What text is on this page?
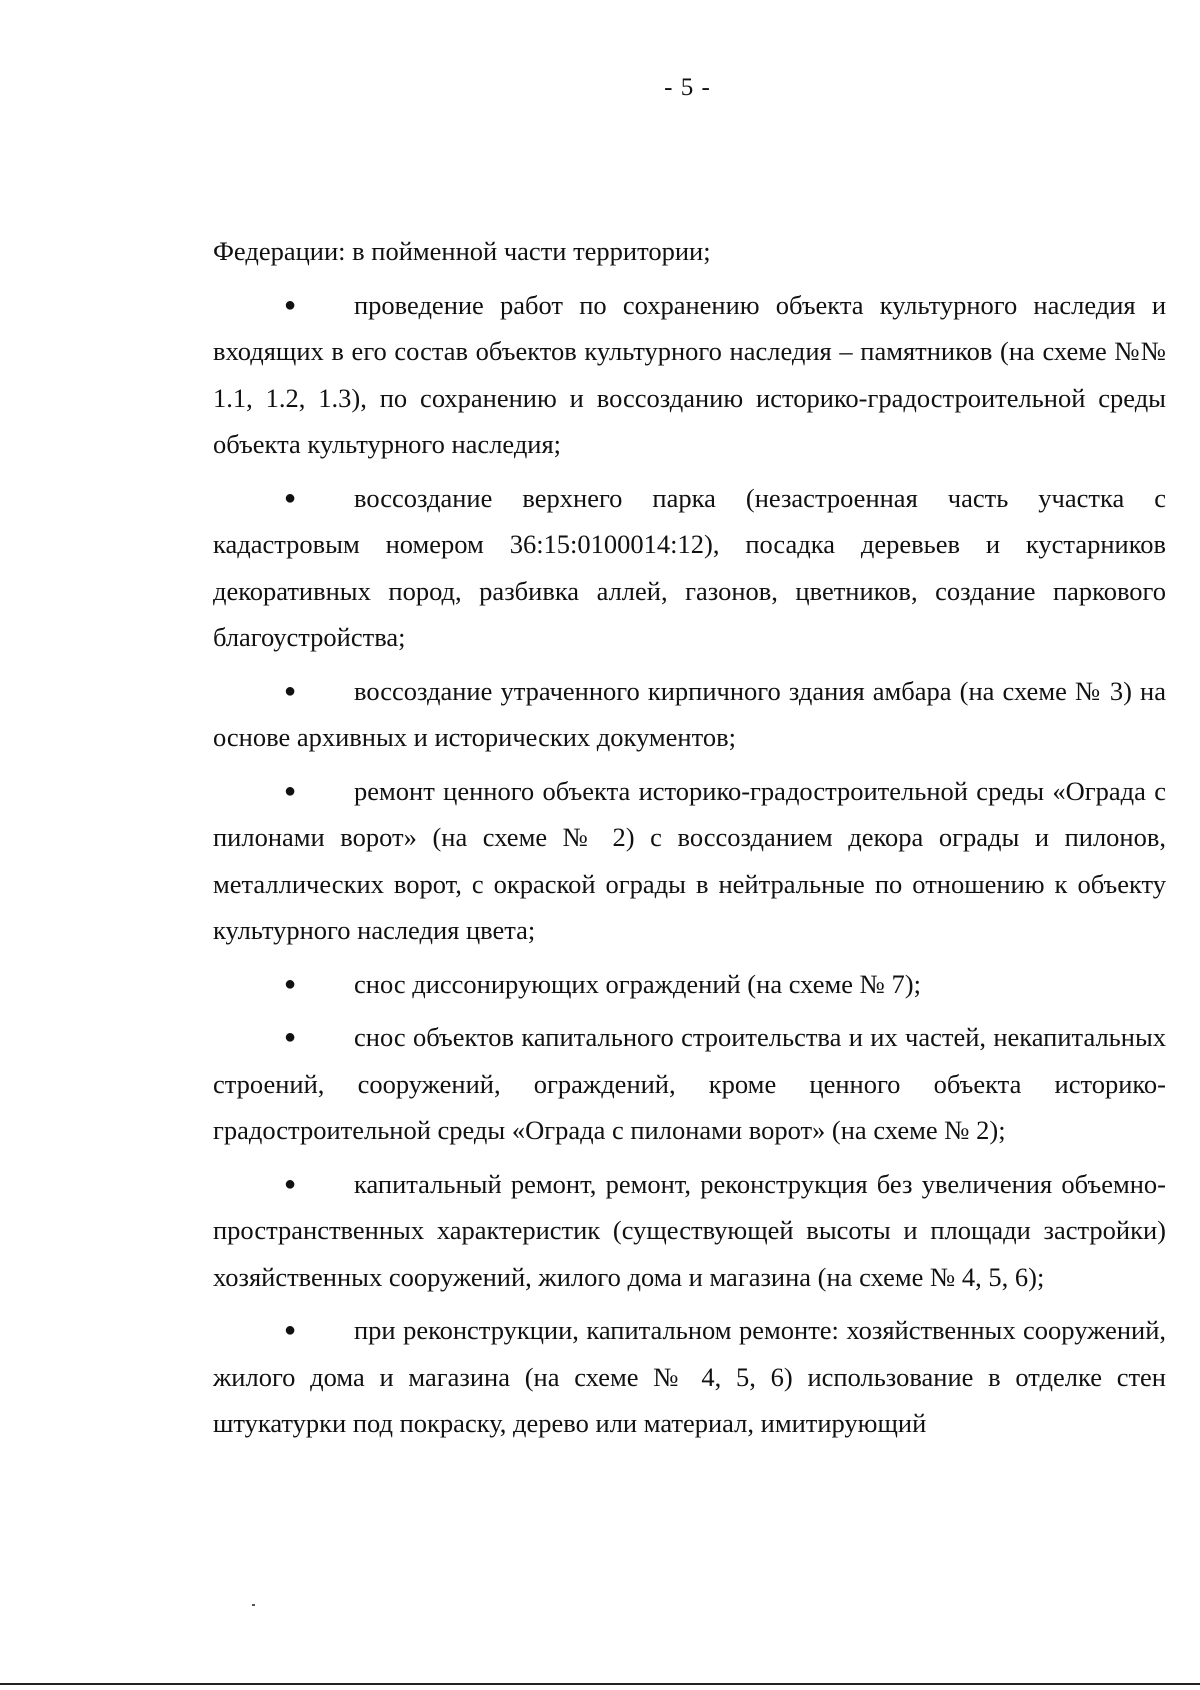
- 5 -

Федерации: в пойменной части территории;

● проведение работ по сохранению объекта культурного наследия и входящих в его состав объектов культурного наследия – памятников (на схеме №№ 1.1, 1.2, 1.3), по сохранению и воссозданию историко-градостроительной среды объекта культурного наследия;

● воссоздание верхнего парка (незастроенная часть участка с кадастровым номером 36:15:0100014:12), посадка деревьев и кустарников декоративных пород, разбивка аллей, газонов, цветников, создание паркового благоустройства;

● воссоздание утраченного кирпичного здания амбара (на схеме № 3) на основе архивных и исторических документов;

● ремонт ценного объекта историко-градостроительной среды «Ограда с пилонами ворот» (на схеме № 2) с воссозданием декора ограды и пилонов, металлических ворот, с окраской ограды в нейтральные по отношению к объекту культурного наследия цвета;

● снос диссонирующих ограждений (на схеме № 7);

● снос объектов капитального строительства и их частей, некапитальных строений, сооружений, ограждений, кроме ценного объекта историко-градостроительной среды «Ограда с пилонами ворот» (на схеме № 2);

● капитальный ремонт, ремонт, реконструкция без увеличения объемно-пространственных характеристик (существующей высоты и площади застройки) хозяйственных сооружений, жилого дома и магазина (на схеме № 4, 5, 6);

● при реконструкции, капитальном ремонте: хозяйственных сооружений, жилого дома и магазина (на схеме № 4, 5, 6) использование в отделке стен штукатурки под покраску, дерево или материал, имитирующий
